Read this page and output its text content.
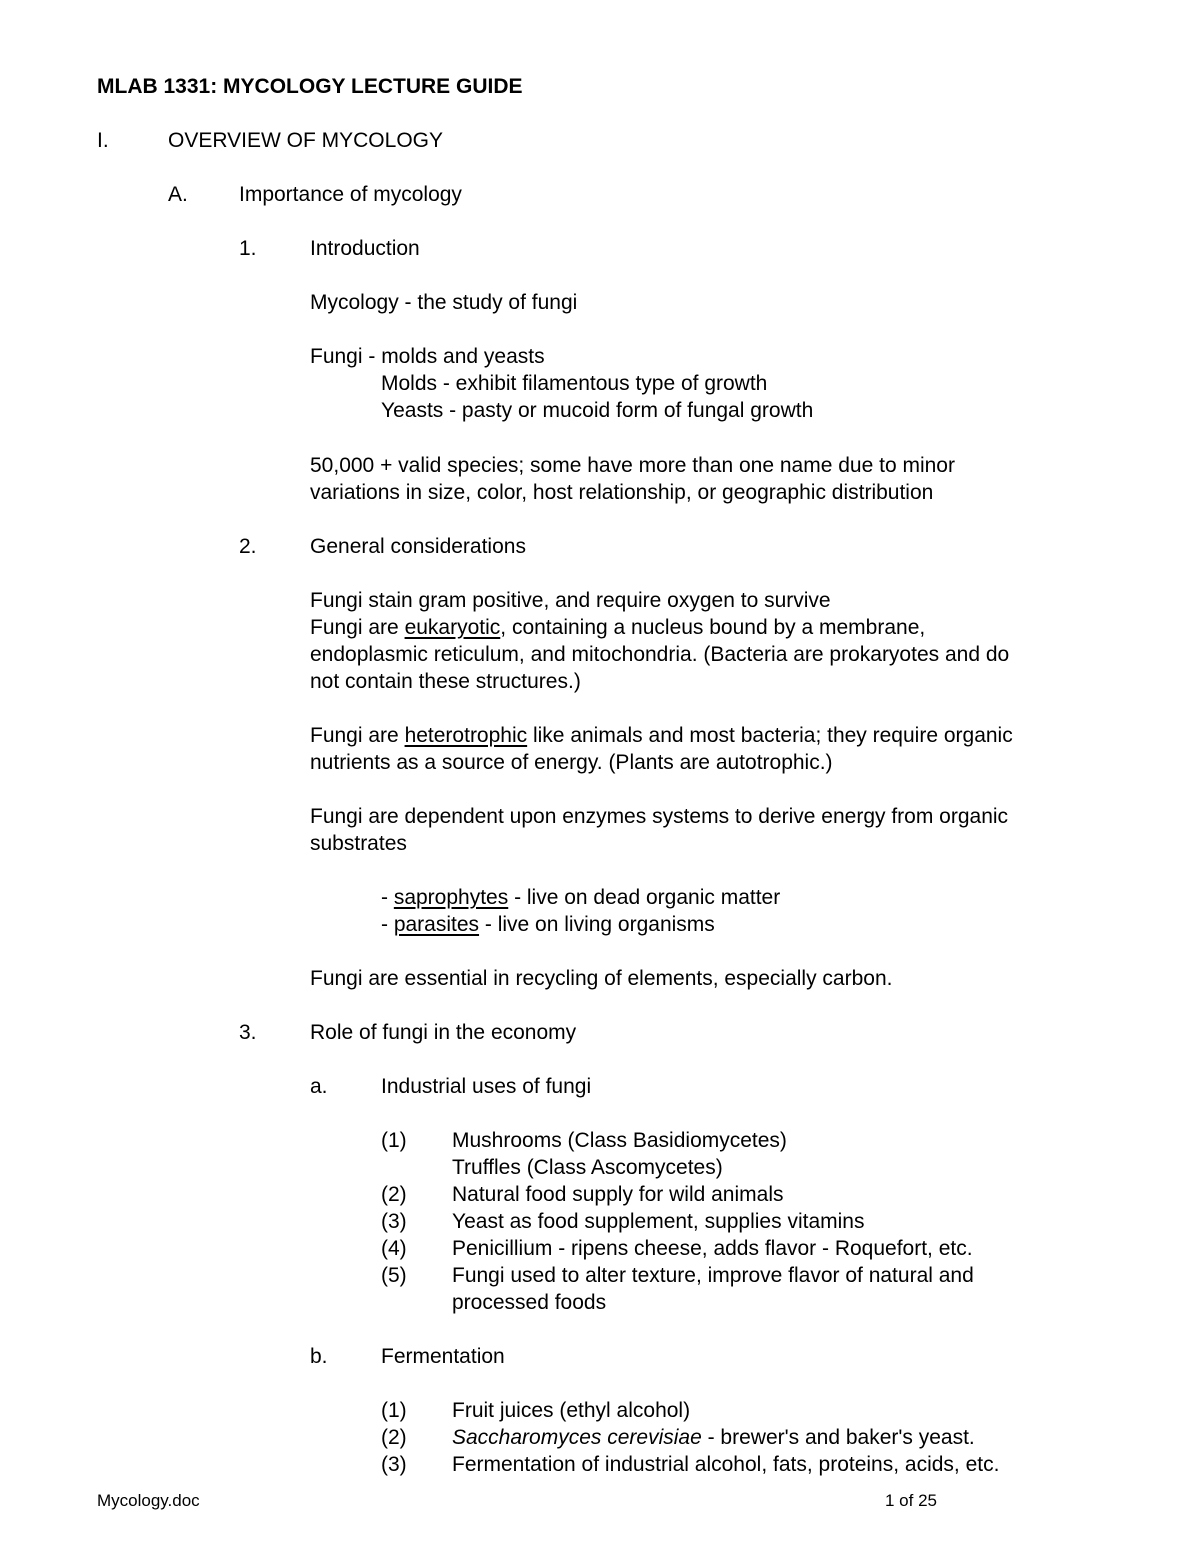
MLAB 1331: MYCOLOGY LECTURE GUIDE
I.	OVERVIEW OF MYCOLOGY
A. Importance of mycology
1.	Introduction
Mycology - the study of fungi
Fungi - molds and yeasts
Molds - exhibit filamentous type of growth
Yeasts - pasty or mucoid form of fungal growth
50,000 + valid species; some have more than one name due to minor
variations in size, color, host relationship, or geographic distribution
2.	General considerations
Fungi stain gram positive, and require oxygen to survive
Fungi are eukaryotic, containing a nucleus bound by a membrane,
endoplasmic reticulum, and mitochondria. (Bacteria are prokaryotes and do
not contain these structures.)
Fungi are heterotrophic like animals and most bacteria; they require organic
nutrients as a source of energy. (Plants are autotrophic.)
Fungi are dependent upon enzymes systems to derive energy from organic
substrates
- saprophytes - live on dead organic matter
- parasites - live on living organisms
Fungi are essential in recycling of elements, especially carbon.
3.	Role of fungi in the economy
a.	Industrial uses of fungi
(1) Mushrooms (Class Basidiomycetes)
Truffles (Class Ascomycetes)
(2) Natural food supply for wild animals
(3) Yeast as food supplement, supplies vitamins
(4) Penicillium - ripens cheese, adds flavor - Roquefort, etc.
(5) Fungi used to alter texture, improve flavor of natural and
processed foods
b.	Fermentation
(1) Fruit juices (ethyl alcohol)
(2) Saccharomyces cerevisiae - brewer's and baker's yeast.
(3) Fermentation of industrial alcohol, fats, proteins, acids, etc.
Mycology.doc	1 of 25
